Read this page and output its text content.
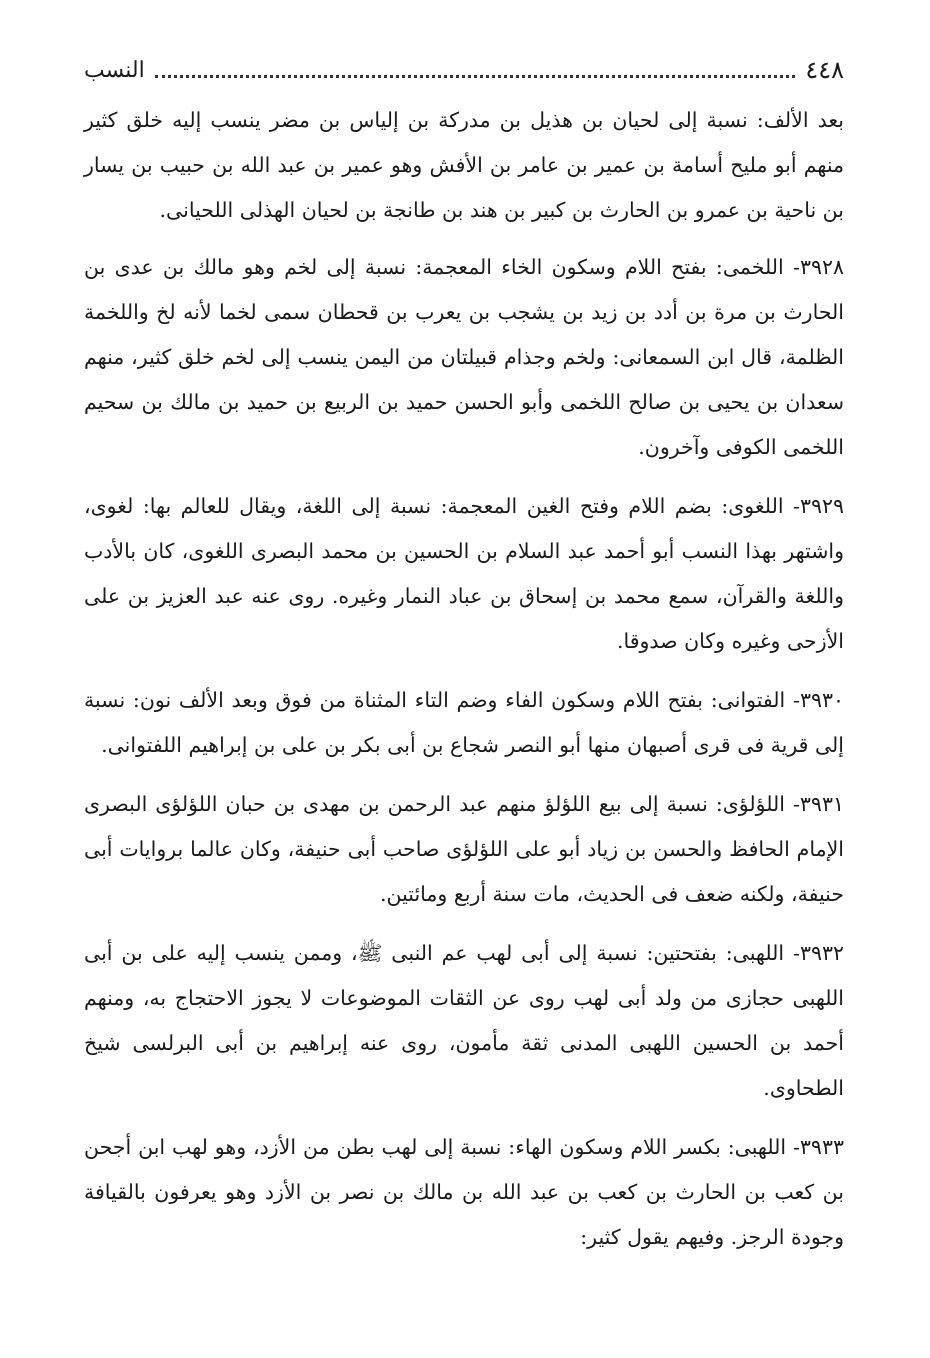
٤٤٨
النسب

بعد الألف: نسبة إلى لحيان بن هذيل بن مدركة بن إلياس بن مضر ينسب إليه خلق كثير منهم أبو مليح أسامة بن عمير بن عامر بن الأفش وهو عمير بن عبد الله بن حبيب بن يسار بن ناحية بن عمرو بن الحارث بن كبير بن هند بن طانجة بن لحيان الهذلى اللحيانى.

٣٩٢٨- اللخمى: بفتح اللام وسكون الخاء المعجمة: نسبة إلى لخم وهو مالك بن عدى بن الحارث بن مرة بن أدد بن زيد بن يشجب بن يعرب بن قحطان سمى لخما لأنه لخ واللخمة الظلمة، قال ابن السمعانى: ولخم وجذام قبيلتان من اليمن ينسب إلى لخم خلق كثير، منهم سعدان بن يحيى بن صالح اللخمى وأبو الحسن حميد بن الربيع بن حميد بن مالك بن سحيم اللخمى الكوفى وآخرون.

٣٩٢٩- اللغوى: بضم اللام وفتح الغين المعجمة: نسبة إلى اللغة، ويقال للعالم بها: لغوى، واشتهر بهذا النسب أبو أحمد عبد السلام بن الحسين بن محمد البصرى اللغوى، كان بالأدب واللغة والقرآن، سمع محمد بن إسحاق بن عباد النمار وغيره. روى عنه عبد العزيز بن على الأزحى وغيره وكان صدوقا.

٣٩٣٠- الفتوانى: بفتح اللام وسكون الفاء وضم التاء المثناة من فوق وبعد الألف نون: نسبة إلى قرية فى قرى أصبهان منها أبو النصر شجاع بن أبى بكر بن على بن إبراهيم اللفتوانى.

٣٩٣١- اللؤلؤى: نسبة إلى بيع اللؤلؤ منهم عبد الرحمن بن مهدى بن حبان اللؤلؤى البصرى الإمام الحافظ والحسن بن زياد أبو على اللؤلؤى صاحب أبى حنيفة، وكان عالما بروايات أبى حنيفة، ولكنه ضعف فى الحديث، مات سنة أربع ومائتين.

٣٩٣٢- اللهبى: بفتحتين: نسبة إلى أبى لهب عم النبى ﷺ، وممن ينسب إليه على بن أبى اللهبى حجازى من ولد أبى لهب روى عن الثقات الموضوعات لا يجوز الاحتجاج به، ومنهم أحمد بن الحسين اللهبى المدنى ثقة مأمون، روى عنه إبراهيم بن أبى البرلسى شيخ الطحاوى.

٣٩٣٣- اللهبى: بكسر اللام وسكون الهاء: نسبة إلى لهب بطن من الأزد، وهو لهب ابن أجحن بن كعب بن الحارث بن كعب بن عبد الله بن مالك بن نصر بن الأزد وهو يعرفون بالقيافة وجودة الرجز. وفيهم يقول كثير:
